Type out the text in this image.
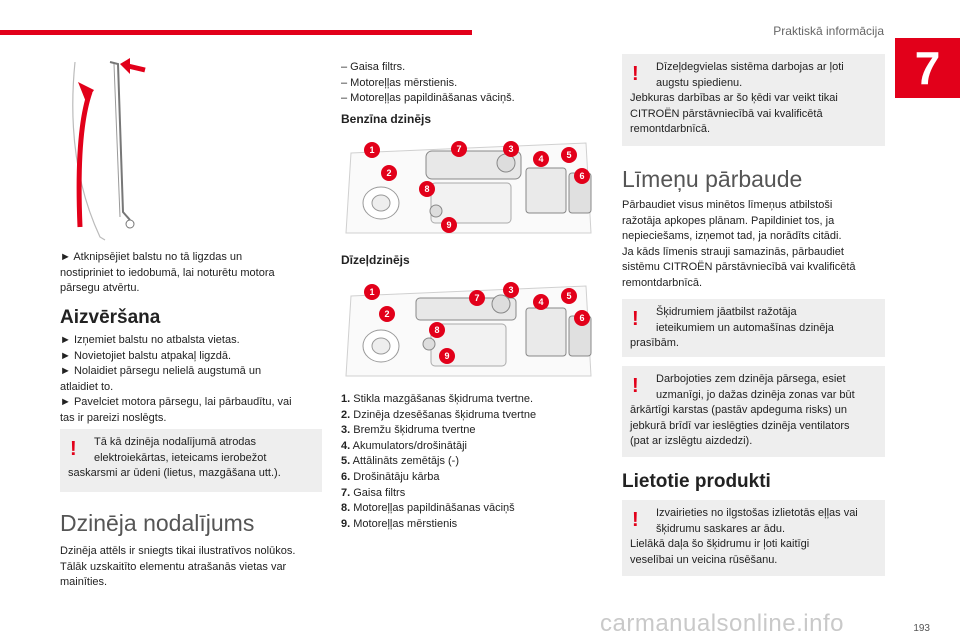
Praktiskā informācija
7
► Atknipsējiet balstu no tā ligzdas un
nostipriniet to iedobumā, lai noturētu motora
pārsegu atvērtu.
Aizvēršana
► Izņemiet balstu no atbalsta vietas.
► Novietojiet balstu atpakaļ ligzdā.
► Nolaidiet pārsegu nelielā augstumā un
atlaidiet to.
► Pavelciet motora pārsegu, lai pārbaudītu, vai
tas ir pareizi noslēgts.
!	Tā kā dzinēja nodalījumā atrodas
elektroiekārtas, ieteicams ierobežot
saskarsmi ar ūdeni (lietus, mazgāšana utt.).
Dzinēja nodalījums
Dzinēja attēls ir sniegts tikai ilustratīvos nolūkos.
Tālāk uzskaitīto elementu atrašanās vietas var
mainīties.
– Gaisa filtrs.
– Motoreļļas mērstienis.
– Motoreļļas papildināšanas vāciņš.
Benzīna dzinējs
1
2
3
4	5
6
7
8
9
Dīzeļdzinējs
1
2
3
4
5
6
7
8
9
1. Stikla mazgāšanas šķidruma tvertne.
2. Dzinēja dzesēšanas šķidruma tvertne
3. Bremžu šķidruma tvertne
4. Akumulators/drošinātāji
5. Attālināts zemētājs (-)
6. Drošinātāju kārba
7. Gaisa filtrs
8. Motoreļļas papildināšanas vāciņš
9. Motoreļļas mērstienis
!	Dīzeļdegvielas sistēma darbojas ar ļoti
augstu spiedienu.
Jebkuras darbības ar šo ķēdi var veikt tikai
CITROËN pārstāvniecībā vai kvalificētā
remontdarbnīcā.
Līmeņu pārbaude
Pārbaudiet visus minētos līmeņus atbilstoši
ražotāja apkopes plānam. Papildiniet tos, ja
nepieciešams, izņemot tad, ja norādīts citādi.
Ja kāds līmenis strauji samazinās, pārbaudiet
sistēmu CITROËN pārstāvniecībā vai kvalificētā
remontdarbnīcā.
!	Šķidrumiem jāatbilst ražotāja
ieteikumiem un automašīnas dzinēja
prasībām.
!	Darbojoties zem dzinēja pārsega, esiet
uzmanīgi, jo dažas dzinēja zonas var būt
ārkārtīgi karstas (pastāv apdeguma risks) un
jebkurā brīdī var ieslēgties dzinēja ventilators
(pat ar izslēgtu aizdedzi).
Lietotie produkti
!	Izvairieties no ilgstošas izlietotās eļļas vai
šķidrumu saskares ar ādu.
Lielākā daļa šo šķidrumu ir ļoti kaitīgi
veselībai un veicina rūsēšanu.
193
carmanualsonline.info
